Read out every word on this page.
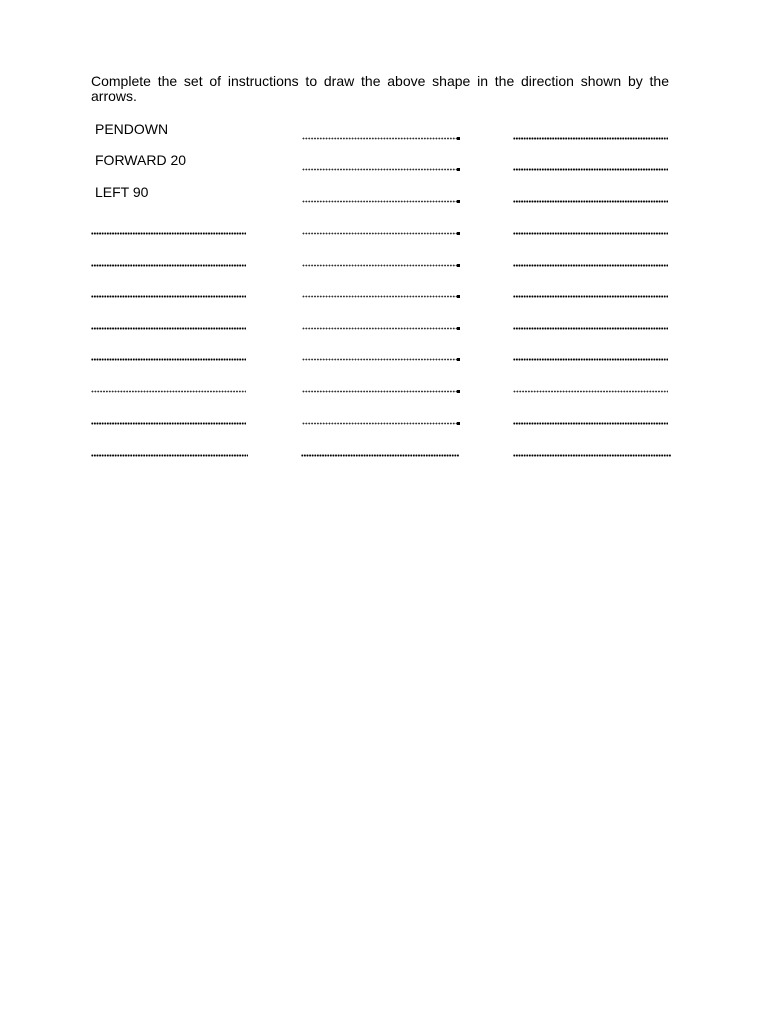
Complete the set of instructions to draw the above shape in the direction shown by the arrows.

PENDOWN
FORWARD 20
LEFT 90
